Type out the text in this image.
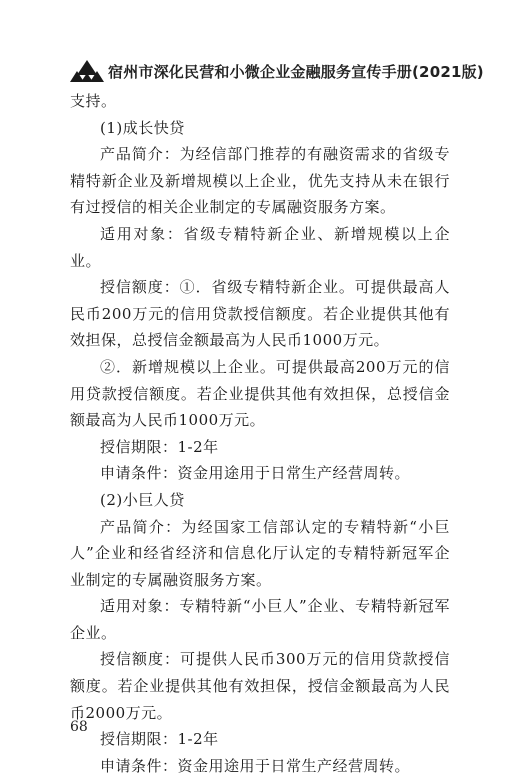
宿州市深化民营和小微企业金融服务宣传手册(2021版)

支持。

(1)成长快贷

产品简介：为经信部门推荐的有融资需求的省级专精特新企业及新增规模以上企业，优先支持从未在银行有过授信的相关企业制定的专属融资服务方案。

适用对象：省级专精特新企业、新增规模以上企业。

授信额度：①．省级专精特新企业。可提供最高人民币200万元的信用贷款授信额度。若企业提供其他有效担保，总授信金额最高为人民币1000万元。

②．新增规模以上企业。可提供最高200万元的信用贷款授信额度。若企业提供其他有效担保，总授信金额最高为人民币1000万元。

授信期限：1-2年

申请条件：资金用途用于日常生产经营周转。

(2)小巨人贷

产品简介：为经国家工信部认定的专精特新“小巨人”企业和经省经济和信息化厅认定的专精特新冠军企业制定的专属融资服务方案。

适用对象：专精特新“小巨人”企业、专精特新冠军企业。

授信额度：可提供人民币300万元的信用贷款授信额度。若企业提供其他有效担保，授信金额最高为人民币2000万元。

授信期限：1-2年

申请条件：资金用途用于日常生产经营周转。

68
